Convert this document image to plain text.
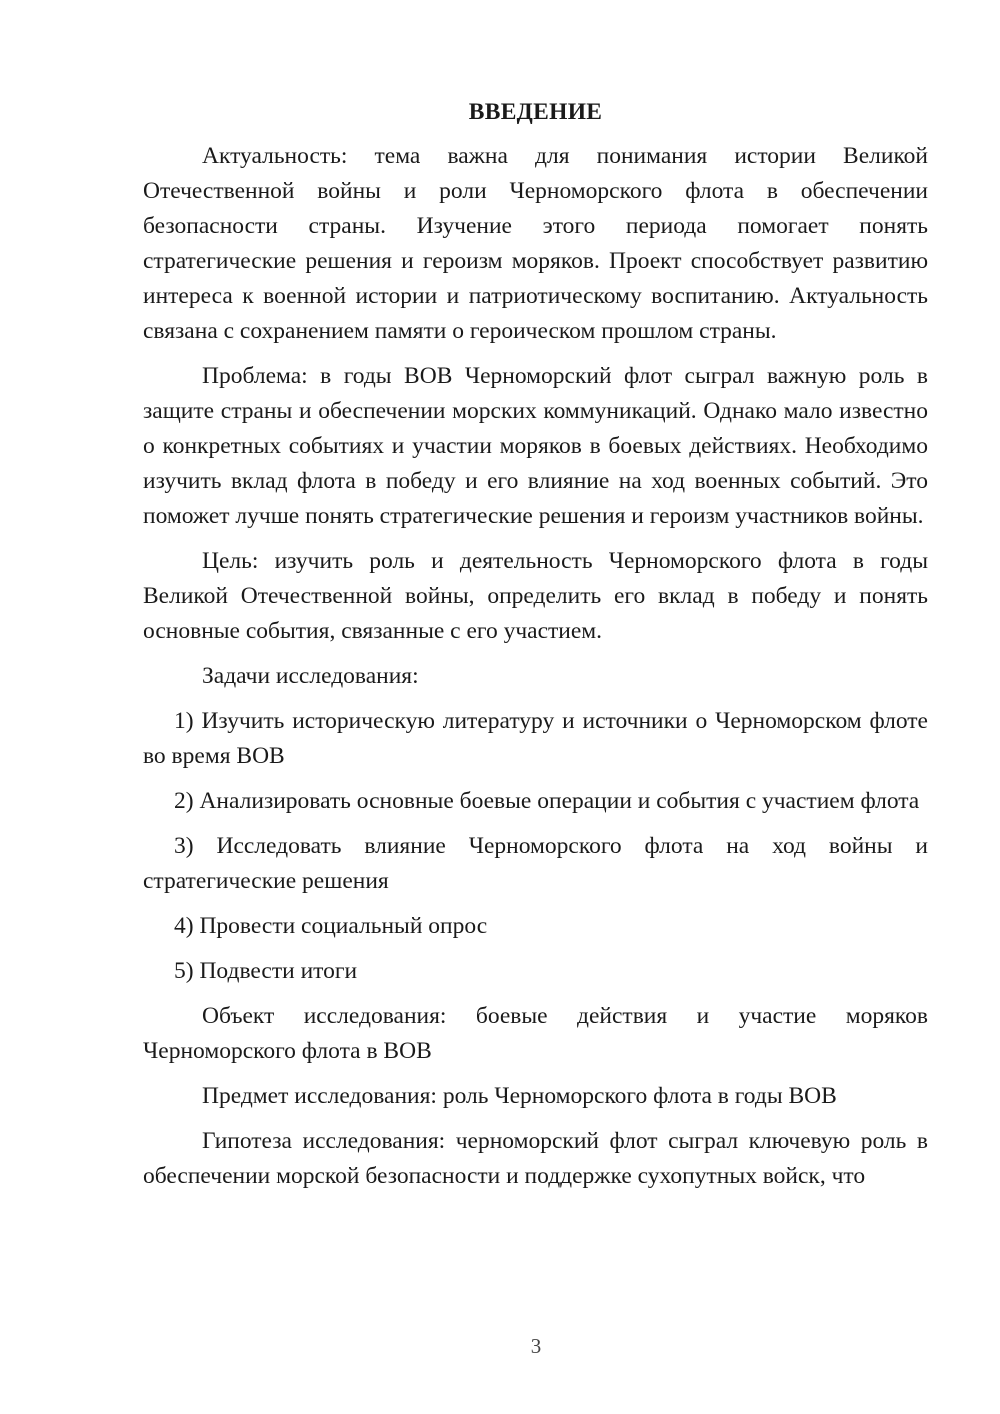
ВВЕДЕНИЕ

Актуальность: тема важна для понимания истории Великой Отечественной войны и роли Черноморского флота в обеспечении безопасности страны. Изучение этого периода помогает понять стратегические решения и героизм моряков. Проект способствует развитию интереса к военной истории и патриотическому воспитанию. Актуальность связана с сохранением памяти о героическом прошлом страны.

Проблема: в годы ВОВ Черноморский флот сыграл важную роль в защите страны и обеспечении морских коммуникаций. Однако мало известно о конкретных событиях и участии моряков в боевых действиях. Необходимо изучить вклад флота в победу и его влияние на ход военных событий. Это поможет лучше понять стратегические решения и героизм участников войны.

Цель: изучить роль и деятельность Черноморского флота в годы Великой Отечественной войны, определить его вклад в победу и понять основные события, связанные с его участием.

Задачи исследования:

1) Изучить историческую литературу и источники о Черноморском флоте во время ВОВ

2) Анализировать основные боевые операции и события с участием флота

3) Исследовать влияние Черноморского флота на ход войны и стратегические решения

4) Провести социальный опрос

5) Подвести итоги

Объект исследования: боевые действия и участие моряков Черноморского флота в ВОВ

Предмет исследования: роль Черноморского флота в годы ВОВ

Гипотеза исследования: черноморский флот сыграл ключевую роль в обеспечении морской безопасности и поддержке сухопутных войск, что

3
